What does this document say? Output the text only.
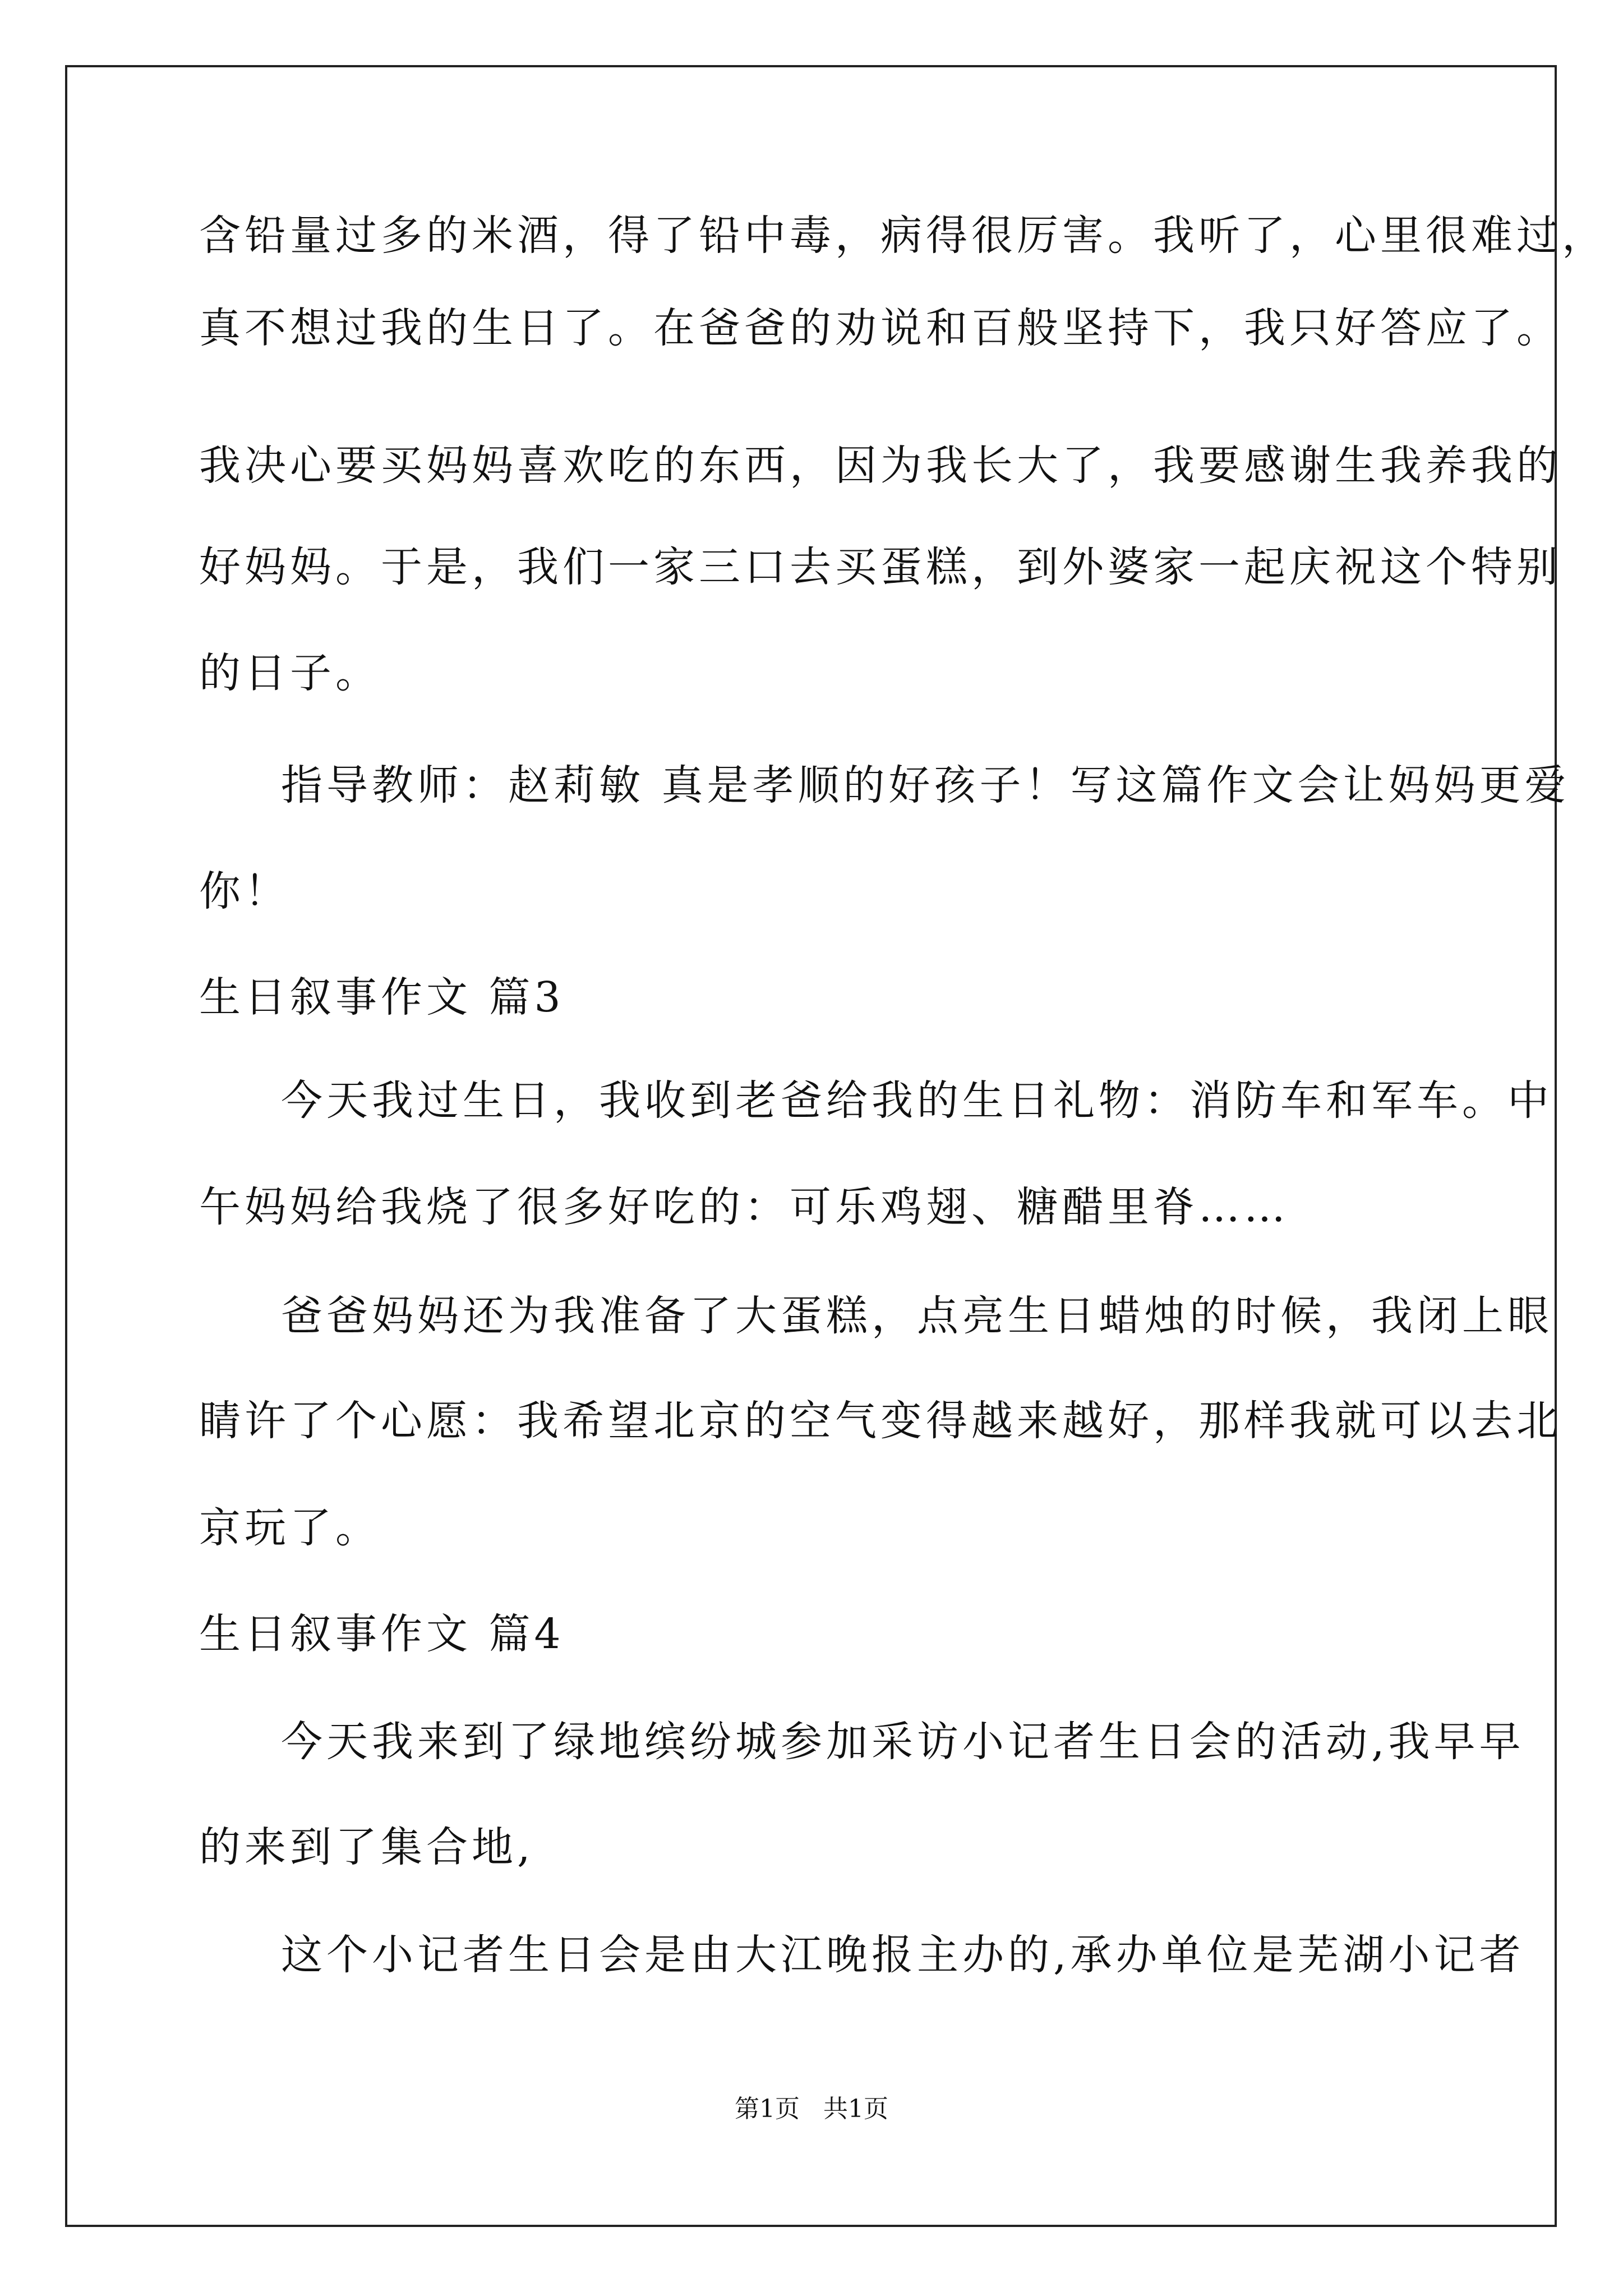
含铅量过多的米酒，得了铅中毒，病得很厉害。我听了，心里很难过，
真不想过我的生日了。在爸爸的劝说和百般坚持下，我只好答应了。
我决心要买妈妈喜欢吃的东西，因为我长大了，我要感谢生我养我的
好妈妈。于是，我们一家三口去买蛋糕，到外婆家一起庆祝这个特别
的日子。
指导教师：赵莉敏 真是孝顺的好孩子！写这篇作文会让妈妈更爱
你！
生日叙事作文 篇3
今天我过生日，我收到老爸给我的生日礼物：消防车和军车。中
午妈妈给我烧了很多好吃的：可乐鸡翅、糖醋里脊……
爸爸妈妈还为我准备了大蛋糕，点亮生日蜡烛的时候，我闭上眼
睛许了个心愿：我希望北京的空气变得越来越好，那样我就可以去北
京玩了。
生日叙事作文 篇4
今天我来到了绿地缤纷城参加采访小记者生日会的活动,我早早
的来到了集合地,
这个小记者生日会是由大江晚报主办的,承办单位是芜湖小记者
第1页 共1页
